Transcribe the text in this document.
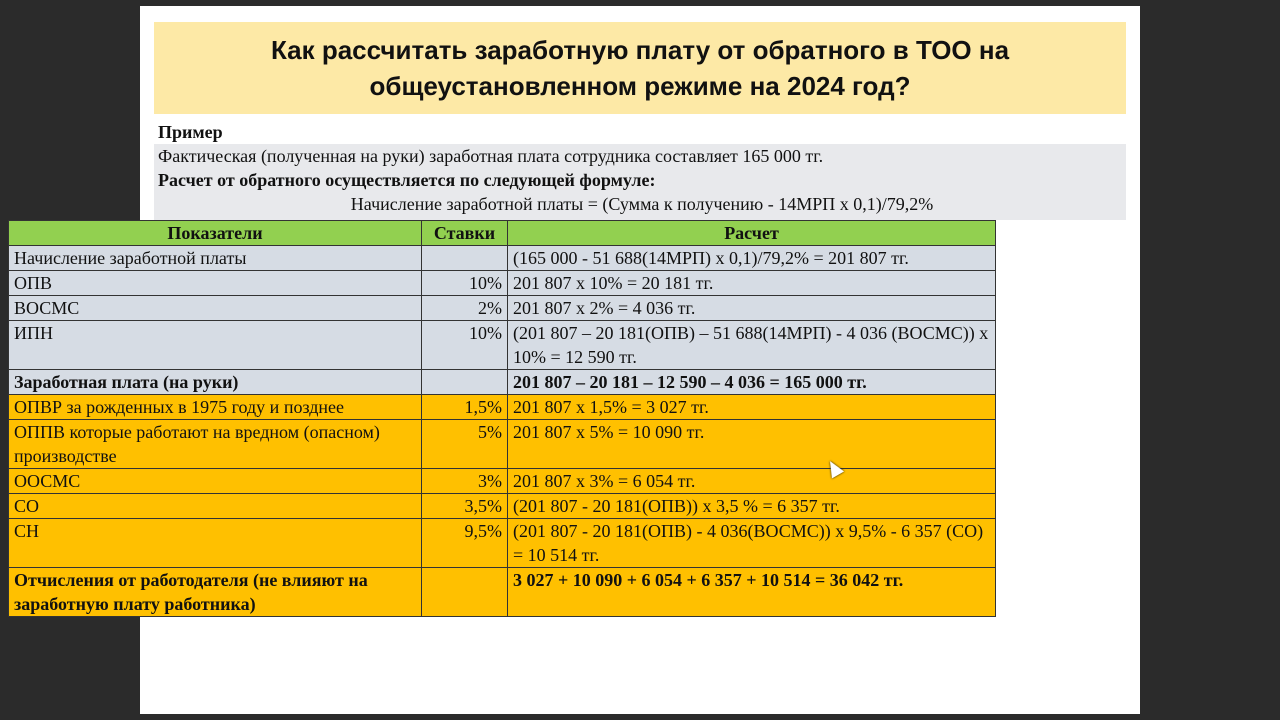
Как рассчитать заработную плату от обратного в ТОО на общеустановленном режиме на 2024 год?
Пример
Фактическая (полученная на руки) заработная плата сотрудника составляет 165 000 тг.
Расчет от обратного осуществляется по следующей формуле:
Начисление заработной платы = (Сумма к получению - 14МРП х 0,1)/79,2%
Показатели	Ставки	Расчет
Начисление заработной платы		(165 000 - 51 688(14МРП) х 0,1)/79,2% = 201 807 тг.
ОПВ	10%	201 807 х 10% = 20 181 тг.
ВОСМС	2%	201 807 х 2% = 4 036 тг.
ИПН	10%	(201 807 – 20 181(ОПВ) – 51 688(14МРП) - 4 036 (ВОСМС)) х 10% = 12 590 тг.
Заработная плата (на руки)		201 807 – 20 181 – 12 590 – 4 036 = 165 000 тг.
ОПВР за рожденных в 1975 году и позднее	1,5%	201 807 х 1,5% = 3 027 тг.
ОППВ которые работают на вредном (опасном) производстве	5%	201 807 х 5% = 10 090 тг.
ООСМС	3%	201 807 х 3% = 6 054 тг.
СО	3,5%	(201 807 - 20 181(ОПВ)) х 3,5 % = 6 357 тг.
СН	9,5%	(201 807 - 20 181(ОПВ) - 4 036(ВОСМС)) х 9,5% - 6 357 (СО) = 10 514 тг.
Отчисления от работодателя (не влияют на заработную плату работника)		3 027 + 10 090 + 6 054 + 6 357 + 10 514 = 36 042 тг.
